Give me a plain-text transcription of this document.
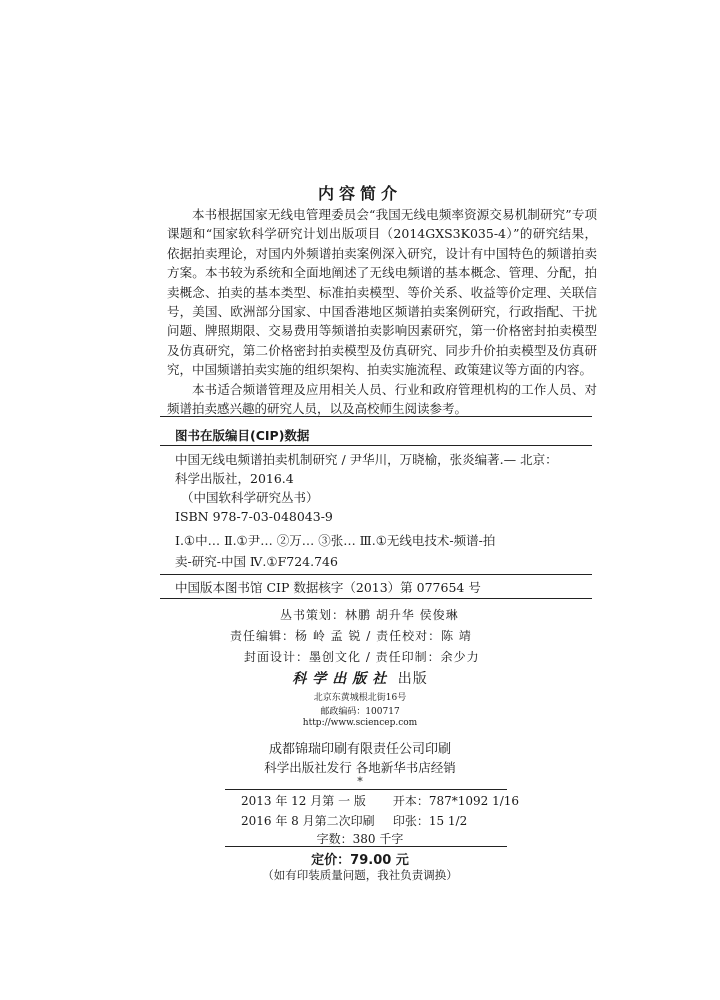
内容简介

本书根据国家无线电管理委员会“我国无线电频率资源交易机制研究”专项课题和“国家软科学研究计划出版项目（2014GXS3K035-4）”的研究结果，依据拍卖理论，对国内外频谱拍卖案例深入研究，设计有中国特色的频谱拍卖方案。本书较为系统和全面地阐述了无线电频谱的基本概念、管理、分配，拍卖概念、拍卖的基本类型、标准拍卖模型、等价关系、收益等价定理、关联信号，美国、欧洲部分国家、中国香港地区频谱拍卖案例研究，行政指配、干扰问题、牌照期限、交易费用等频谱拍卖影响因素研究，第一价格密封拍卖模型及仿真研究，第二价格密封拍卖模型及仿真研究、同步升价拍卖模型及仿真研究，中国频谱拍卖实施的组织架构、拍卖实施流程、政策建议等方面的内容。

本书适合频谱管理及应用相关人员、行业和政府管理机构的工作人员、对频谱拍卖感兴趣的研究人员，以及高校师生阅读参考。

图书在版编目(CIP)数据
中国无线电频谱拍卖机制研究 / 尹华川，万晓榆，张炎编著.— 北京：
科学出版社，2016.4
（中国软科学研究丛书）
ISBN 978-7-03-048043-9
Ⅰ.①中… Ⅱ.①尹… ②万… ③张… Ⅲ.①无线电技术-频谱-拍
卖-研究-中国 Ⅳ.①F724.746
中国版本图书馆 CIP 数据核字（2013）第 077654 号
丛书策划：林鹏 胡升华 侯俊琳
责任编辑：杨 岭 孟 锐 / 责任校对：陈 靖
封面设计：墨创文化 / 责任印制：余少力
科学出版社 出版
北京东黄城根北街16号
邮政编码：100717
http://www.sciencep.com
成都锦瑞印刷有限责任公司印刷
科学出版社发行 各地新华书店经销
*
2013 年 12 月第 一 版 开本：787*1092 1/16
2016 年 8 月第二次印刷 印张：15 1/2
字数：380 千字
定价：79.00 元
（如有印装质量问题，我社负责调换）
